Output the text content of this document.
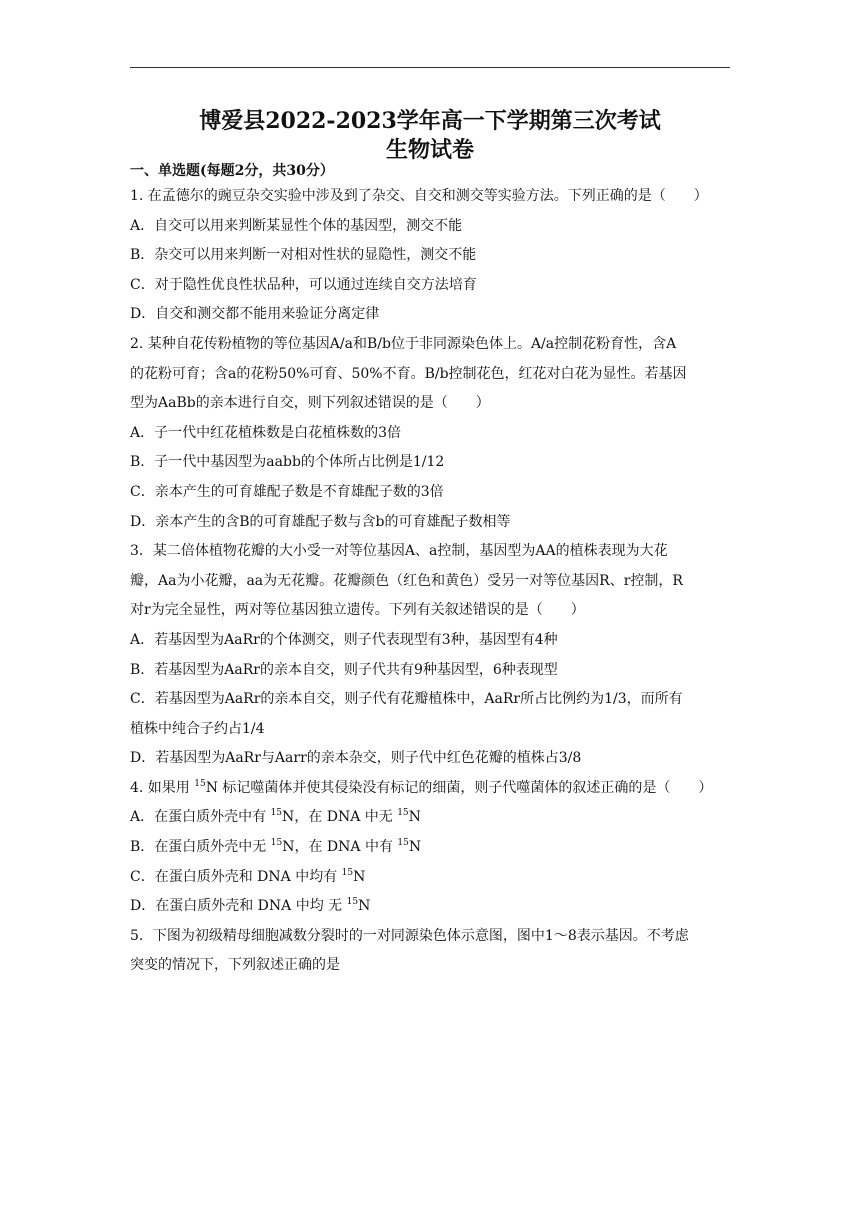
博爱县2022-2023学年高一下学期第三次考试
生物试卷
一、单选题(每题2分，共30分）
1. 在孟德尔的豌豆杂交实验中涉及到了杂交、自交和测交等实验方法。下列正确的是（　　）
A．自交可以用来判断某显性个体的基因型，测交不能
B．杂交可以用来判断一对相对性状的显隐性，测交不能
C．对于隐性优良性状品种，可以通过连续自交方法培育
D．自交和测交都不能用来验证分离定律
2. 某种自花传粉植物的等位基因A/a和B/b位于非同源染色体上。A/a控制花粉育性，含A
的花粉可育；含a的花粉50%可育、50%不育。B/b控制花色，红花对白花为显性。若基因
型为AaBb的亲本进行自交，则下列叙述错误的是（　　）
A．子一代中红花植株数是白花植株数的3倍
B．子一代中基因型为aabb的个体所占比例是1/12
C．亲本产生的可育雄配子数是不育雄配子数的3倍
D．亲本产生的含B的可育雄配子数与含b的可育雄配子数相等
3．某二倍体植物花瓣的大小受一对等位基因A、a控制，基因型为AA的植株表现为大花
瓣，Aa为小花瓣，aa为无花瓣。花瓣颜色（红色和黄色）受另一对等位基因R、r控制，R
对r为完全显性，两对等位基因独立遗传。下列有关叙述错误的是（　　）
A．若基因型为AaRr的个体测交，则子代表现型有3种，基因型有4种
B．若基因型为AaRr的亲本自交，则子代共有9种基因型，6种表现型
C．若基因型为AaRr的亲本自交，则子代有花瓣植株中，AaRr所占比例约为1/3，而所有
植株中纯合子约占1/4
D．若基因型为AaRr与Aarr的亲本杂交，则子代中红色花瓣的植株占3/8
4. 如果用 $^{15}$N 标记噬菌体并使其侵染没有标记的细菌，则子代噬菌体的叙述正确的是（　　）
A．在蛋白质外壳中有 $^{15}$N，在 DNA 中无 $^{15}$N
B．在蛋白质外壳中无 $^{15}$N，在 DNA 中有 $^{15}$N
C．在蛋白质外壳和 DNA 中均有 $^{15}$N
D．在蛋白质外壳和 DNA 中均 无 $^{15}$N
5．下图为初级精母细胞减数分裂时的一对同源染色体示意图，图中1～8表示基因。不考虑
突变的情况下，下列叙述正确的是
